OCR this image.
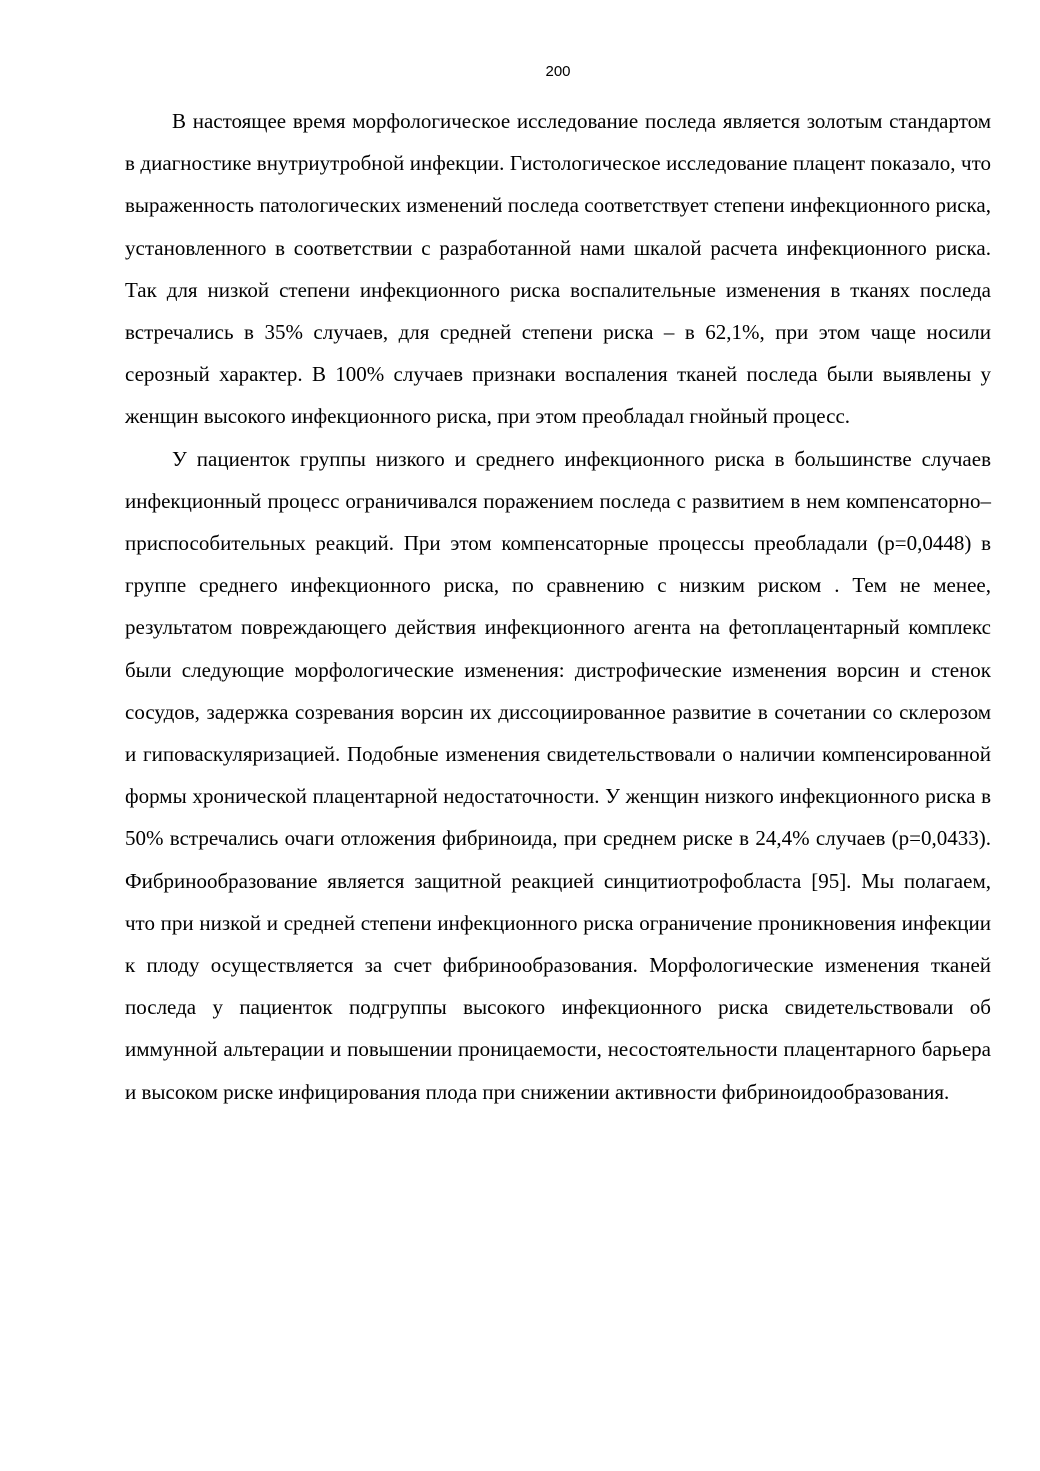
200

В настоящее время морфологическое исследование последа является золотым стандартом в диагностике внутриутробной инфекции. Гистологическое исследование плацент показало, что выраженность патологических изменений последа соответствует степени инфекционного риска, установленного в соответствии с разработанной нами шкалой расчета инфекционного риска. Так для низкой степени инфекционного риска воспалительные изменения в тканях последа встречались в 35% случаев, для средней степени риска – в 62,1%, при этом чаще носили серозный характер. В 100% случаев признаки воспаления тканей последа были выявлены у женщин высокого инфекционного риска, при этом преобладал гнойный процесс.

У пациенток группы низкого и среднего инфекционного риска в большинстве случаев инфекционный процесс ограничивался поражением последа с развитием в нем компенсаторно–приспособительных реакций. При этом компенсаторные процессы преобладали (p=0,0448) в группе среднего инфекционного риска, по сравнению с низким риском . Тем не менее, результатом повреждающего действия инфекционного агента на фетоплацентарный комплекс были следующие морфологические изменения: дистрофические изменения ворсин и стенок сосудов, задержка созревания ворсин их диссоциированное развитие в сочетании со склерозом и гиповаскуляризацией. Подобные изменения свидетельствовали о наличии компенсированной формы хронической плацентарной недостаточности. У женщин низкого инфекционного риска в 50% встречались очаги отложения фибриноида, при среднем риске в 24,4% случаев (p=0,0433). Фибринообразование является защитной реакцией синцитиотрофобласта [95]. Мы полагаем, что при низкой и средней степени инфекционного риска ограничение проникновения инфекции к плоду осуществляется за счет фибринообразования. Морфологические изменения тканей последа у пациенток подгруппы высокого инфекционного риска свидетельствовали об иммунной альтерации и повышении проницаемости, несостоятельности плацентарного барьера и высоком риске инфицирования плода при снижении активности фибриноидообразования.
